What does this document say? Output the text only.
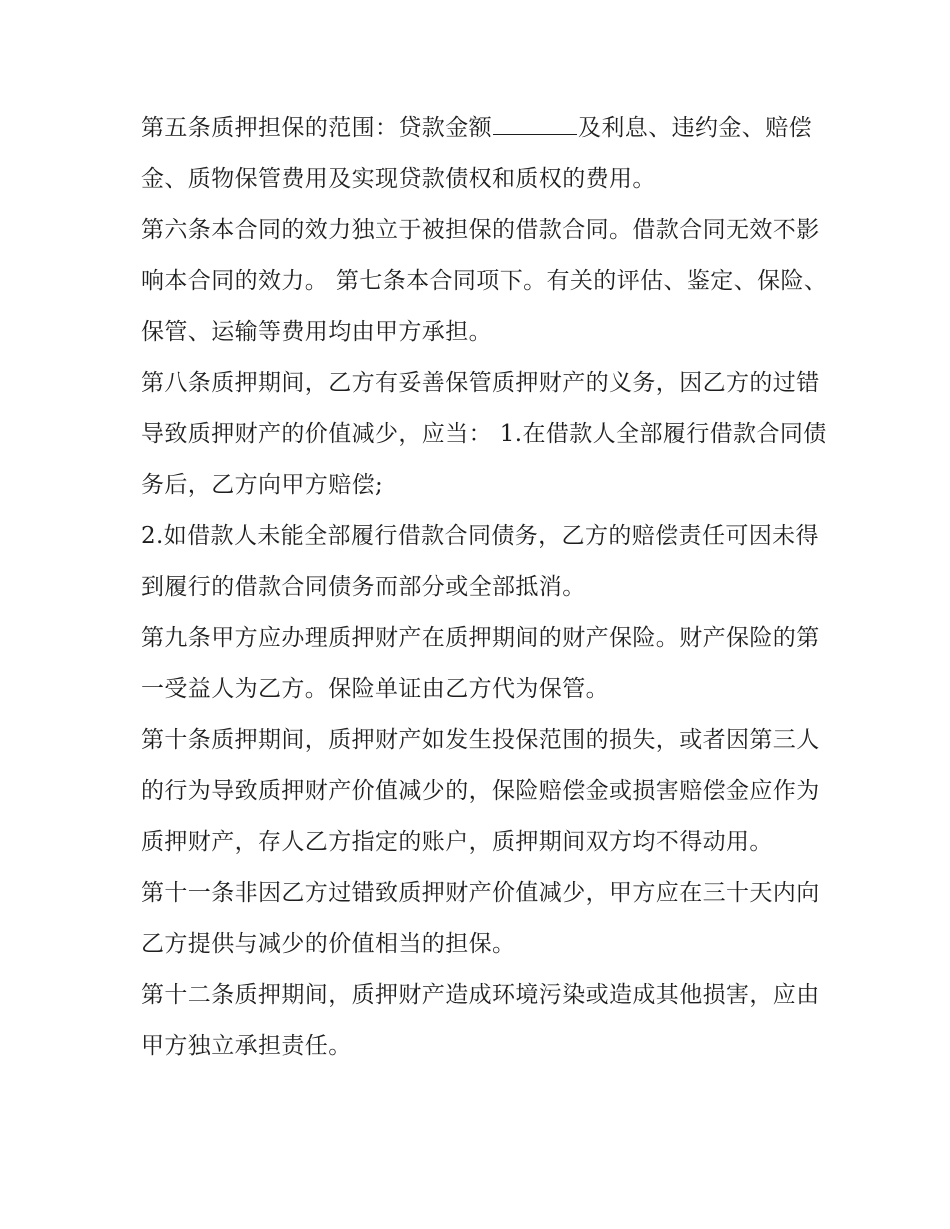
第五条质押担保的范围：贷款金额	及利息、违约金、赔偿金、质物保管费用及实现贷款债权和质权的费用。

第六条本合同的效力独立于被担保的借款合同。借款合同无效不影响本合同的效力。 第七条本合同项下。有关的评估、鉴定、保险、保管、运输等费用均由甲方承担。

第八条质押期间，乙方有妥善保管质押财产的义务，因乙方的过错导致质押财产的价值减少，应当： 1.在借款人全部履行借款合同债务后，乙方向甲方赔偿;

2.如借款人未能全部履行借款合同债务，乙方的赔偿责任可因未得到履行的借款合同债务而部分或全部抵消。

第九条甲方应办理质押财产在质押期间的财产保险。财产保险的第一受益人为乙方。保险单证由乙方代为保管。

第十条质押期间，质押财产如发生投保范围的损失，或者因第三人的行为导致质押财产价值减少的，保险赔偿金或损害赔偿金应作为质押财产，存人乙方指定的账户，质押期间双方均不得动用。

第十一条非因乙方过错致质押财产价值减少，甲方应在三十天内向乙方提供与减少的价值相当的担保。

第十二条质押期间，质押财产造成环境污染或造成其他损害，应由甲方独立承担责任。
